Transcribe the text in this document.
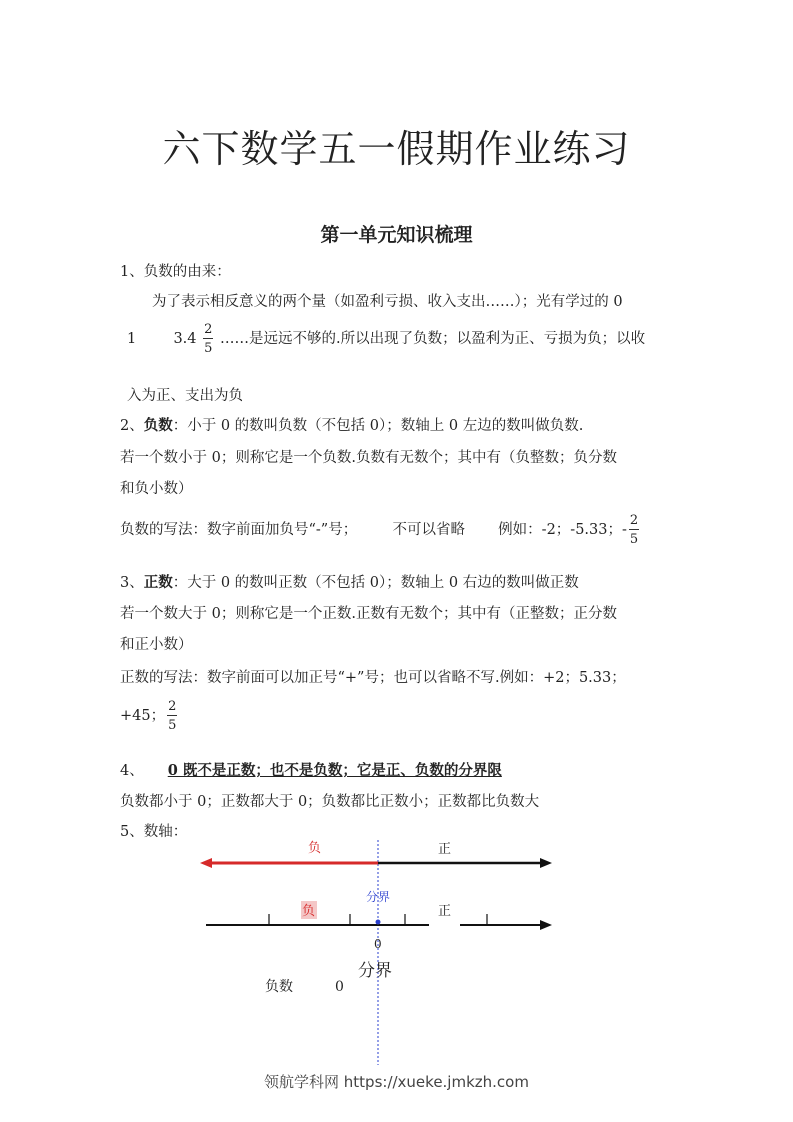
六下数学五一假期作业练习
第一单元知识梳理
1、负数的由来：
为了表示相反意义的两个量（如盈利亏损、收入支出……）；光有学过的 0
1	$3.4 \frac{2}{5}$ ……是远远不够的.所以出现了负数；以盈利为正、亏损为负；以收
入为正、支出为负
2、负数：小于 0 的数叫负数（不包括 0）；数轴上 0 左边的数叫做负数.
若一个数小于 0；则称它是一个负数.负数有无数个；其中有（负整数；负分数
和负小数）
负数的写法：数字前面加负号“-”号； 不可以省略 例如：-2；-5.33；- $\frac{2}{5}$
3、正数：大于 0 的数叫正数（不包括 0）；数轴上 0 右边的数叫做正数
若一个数大于 0；则称它是一个正数.正数有无数个；其中有（正整数；正分数
和正小数）
正数的写法：数字前面可以加正号“+”号；也可以省略不写.例如：+2；5.33；
+45； $\frac{2}{5}$
4、 0 既不是正数；也不是负数；它是正、负数的分界限
负数都小于 0；正数都大于 0；负数都比正数小；正数都比负数大
5、数轴：
负	正
分界
负	正
0
分界
负数	0
领航学科网 https://xueke.jmkzh.com
